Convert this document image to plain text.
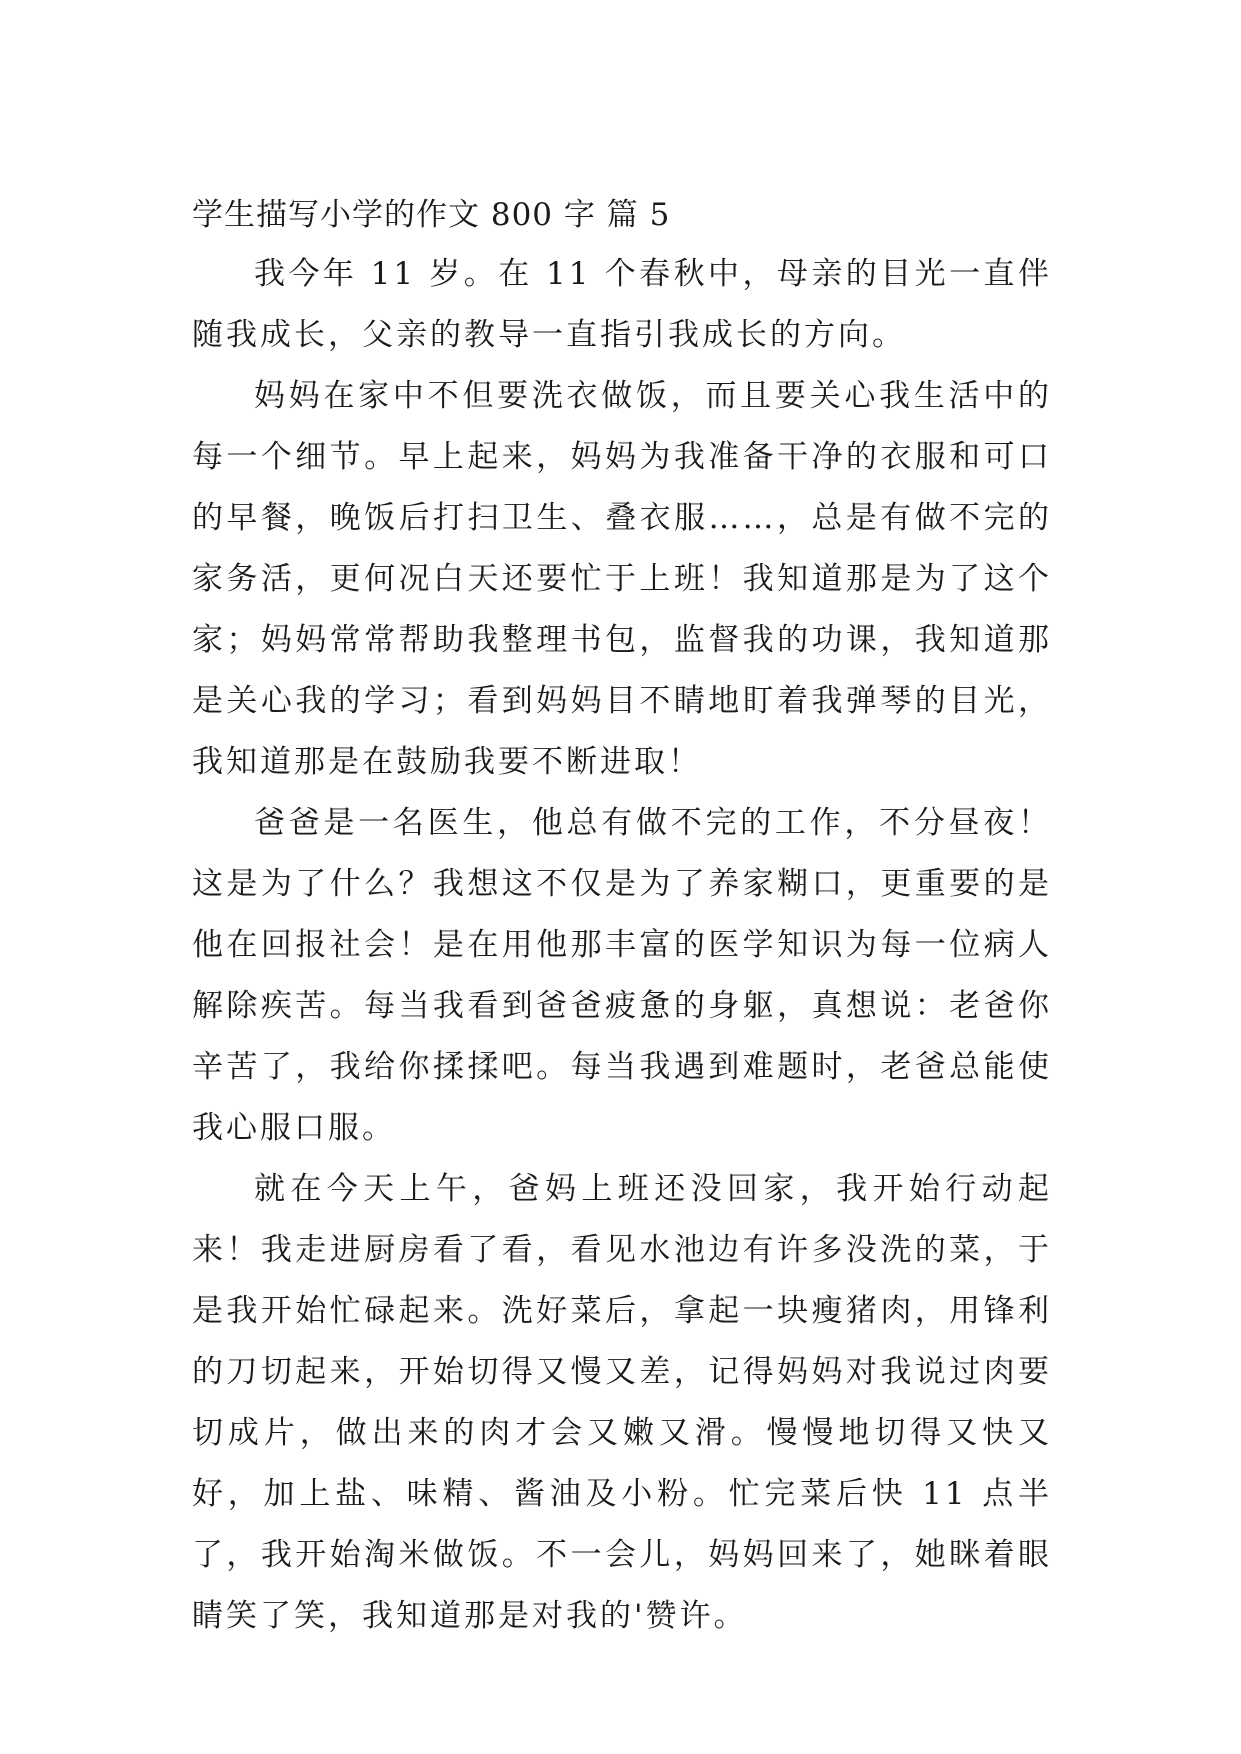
学生描写小学的作文 800 字 篇 5

我今年 11 岁。在 11 个春秋中，母亲的目光一直伴随我成长，父亲的教导一直指引我成长的方向。

妈妈在家中不但要洗衣做饭，而且要关心我生活中的每一个细节。早上起来，妈妈为我准备干净的衣服和可口的早餐，晚饭后打扫卫生、叠衣服……，总是有做不完的家务活，更何况白天还要忙于上班！我知道那是为了这个家；妈妈常常帮助我整理书包，监督我的功课，我知道那是关心我的学习；看到妈妈目不睛地盯着我弹琴的目光，我知道那是在鼓励我要不断进取！

爸爸是一名医生，他总有做不完的工作，不分昼夜！这是为了什么？我想这不仅是为了养家糊口，更重要的是他在回报社会！是在用他那丰富的医学知识为每一位病人解除疾苦。每当我看到爸爸疲惫的身躯，真想说：老爸你辛苦了，我给你揉揉吧。每当我遇到难题时，老爸总能使我心服口服。

就在今天上午，爸妈上班还没回家，我开始行动起来！我走进厨房看了看，看见水池边有许多没洗的菜，于是我开始忙碌起来。洗好菜后，拿起一块瘦猪肉，用锋利的刀切起来，开始切得又慢又差，记得妈妈对我说过肉要切成片，做出来的肉才会又嫩又滑。慢慢地切得又快又好，加上盐、味精、酱油及小粉。忙完菜后快 11 点半了，我开始淘米做饭。不一会儿，妈妈回来了，她眯着眼睛笑了笑，我知道那是对我的'赞许。
